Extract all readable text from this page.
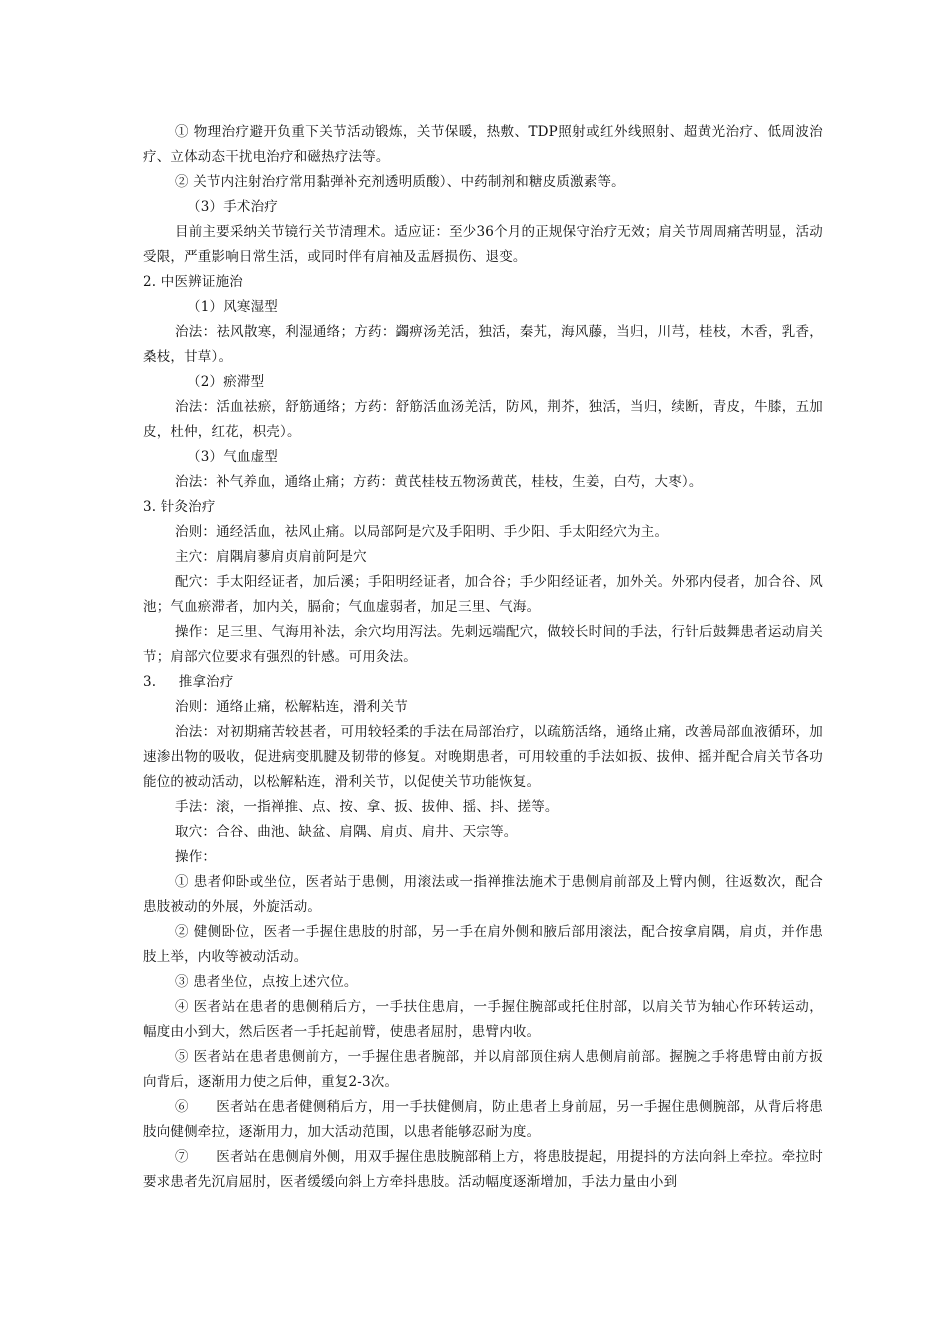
① 物理治疗避开负重下关节活动锻炼，关节保暖，热敷、TDP照射或红外线照射、超黄光治疗、低周波治疗、立体动态干扰电治疗和磁热疗法等。

② 关节内注射治疗常用黏弹补充剂透明质酸）、中药制剂和糖皮质激素等。

（3）手术治疗

目前主要采纳关节镜行关节清理术。适应证：至少36个月的正规保守治疗无效；肩关节周周痛苦明显，活动受限，严重影响日常生活，或同时伴有肩袖及盂唇损伤、退变。

2. 中医辨证施治

（1）风寒湿型

治法：祛风散寒，利湿通络；方药：蠲痹汤羌活，独活，秦艽，海风藤，当归，川芎，桂枝，木香，乳香，桑枝，甘草）。

（2）瘀滞型

治法：活血祛瘀，舒筋通络；方药：舒筋活血汤羌活，防风，荆芥，独活，当归，续断，青皮，牛膝，五加皮，杜仲，红花，枳壳）。

（3）气血虚型

治法：补气养血，通络止痛；方药：黄芪桂枝五物汤黄芪，桂枝，生姜，白芍，大枣）。

3. 针灸治疗

治则：通经活血，祛风止痛。以局部阿是穴及手阳明、手少阳、手太阳经穴为主。

主穴：肩隅肩蓼肩贞肩前阿是穴

配穴：手太阳经证者，加后溪；手阳明经证者，加合谷；手少阳经证者，加外关。外邪内侵者，加合谷、风池；气血瘀滞者，加内关，膈俞；气血虚弱者，加足三里、气海。

操作：足三里、气海用补法，余穴均用泻法。先刺远端配穴，做较长时间的手法，行针后鼓舞患者运动肩关节；肩部穴位要求有强烈的针感。可用灸法。

3.     推拿治疗

治则：通络止痛，松解粘连，滑利关节

治法：对初期痛苦较甚者，可用较轻柔的手法在局部治疗，以疏筋活络，通络止痛，改善局部血液循环，加速渗出物的吸收，促进病变肌腱及韧带的修复。对晚期患者，可用较重的手法如扳、拔伸、摇并配合肩关节各功能位的被动活动，以松解粘连，滑利关节，以促使关节功能恢复。

手法：滚，一指禅推、点、按、拿、扳、拔伸、摇、抖、搓等。

取穴：合谷、曲池、缺盆、肩隅、肩贞、肩井、天宗等。

操作：

① 患者仰卧或坐位，医者站于患侧，用滚法或一指禅推法施术于患侧肩前部及上臂内侧，往返数次，配合患肢被动的外展，外旋活动。

② 健侧卧位，医者一手握住患肢的肘部，另一手在肩外侧和腋后部用滚法，配合按拿肩隅，肩贞，并作患肢上举，内收等被动活动。

③ 患者坐位，点按上述穴位。

④ 医者站在患者的患侧稍后方，一手扶住患肩，一手握住腕部或托住肘部，以肩关节为轴心作环转运动，幅度由小到大，然后医者一手托起前臂，使患者屈肘，患臂内收。

⑤ 医者站在患者患侧前方，一手握住患者腕部，并以肩部顶住病人患侧肩前部。握腕之手将患臂由前方扳向背后，逐渐用力使之后伸，重复2-3次。

⑥      医者站在患者健侧稍后方，用一手扶健侧肩，防止患者上身前屈，另一手握住患侧腕部，从背后将患肢向健侧牵拉，逐渐用力，加大活动范围，以患者能够忍耐为度。

⑦      医者站在患侧肩外侧，用双手握住患肢腕部稍上方，将患肢提起，用提抖的方法向斜上牵拉。牵拉时要求患者先沉肩屈肘，医者缓缓向斜上方牵抖患肢。活动幅度逐渐增加，手法力量由小到
